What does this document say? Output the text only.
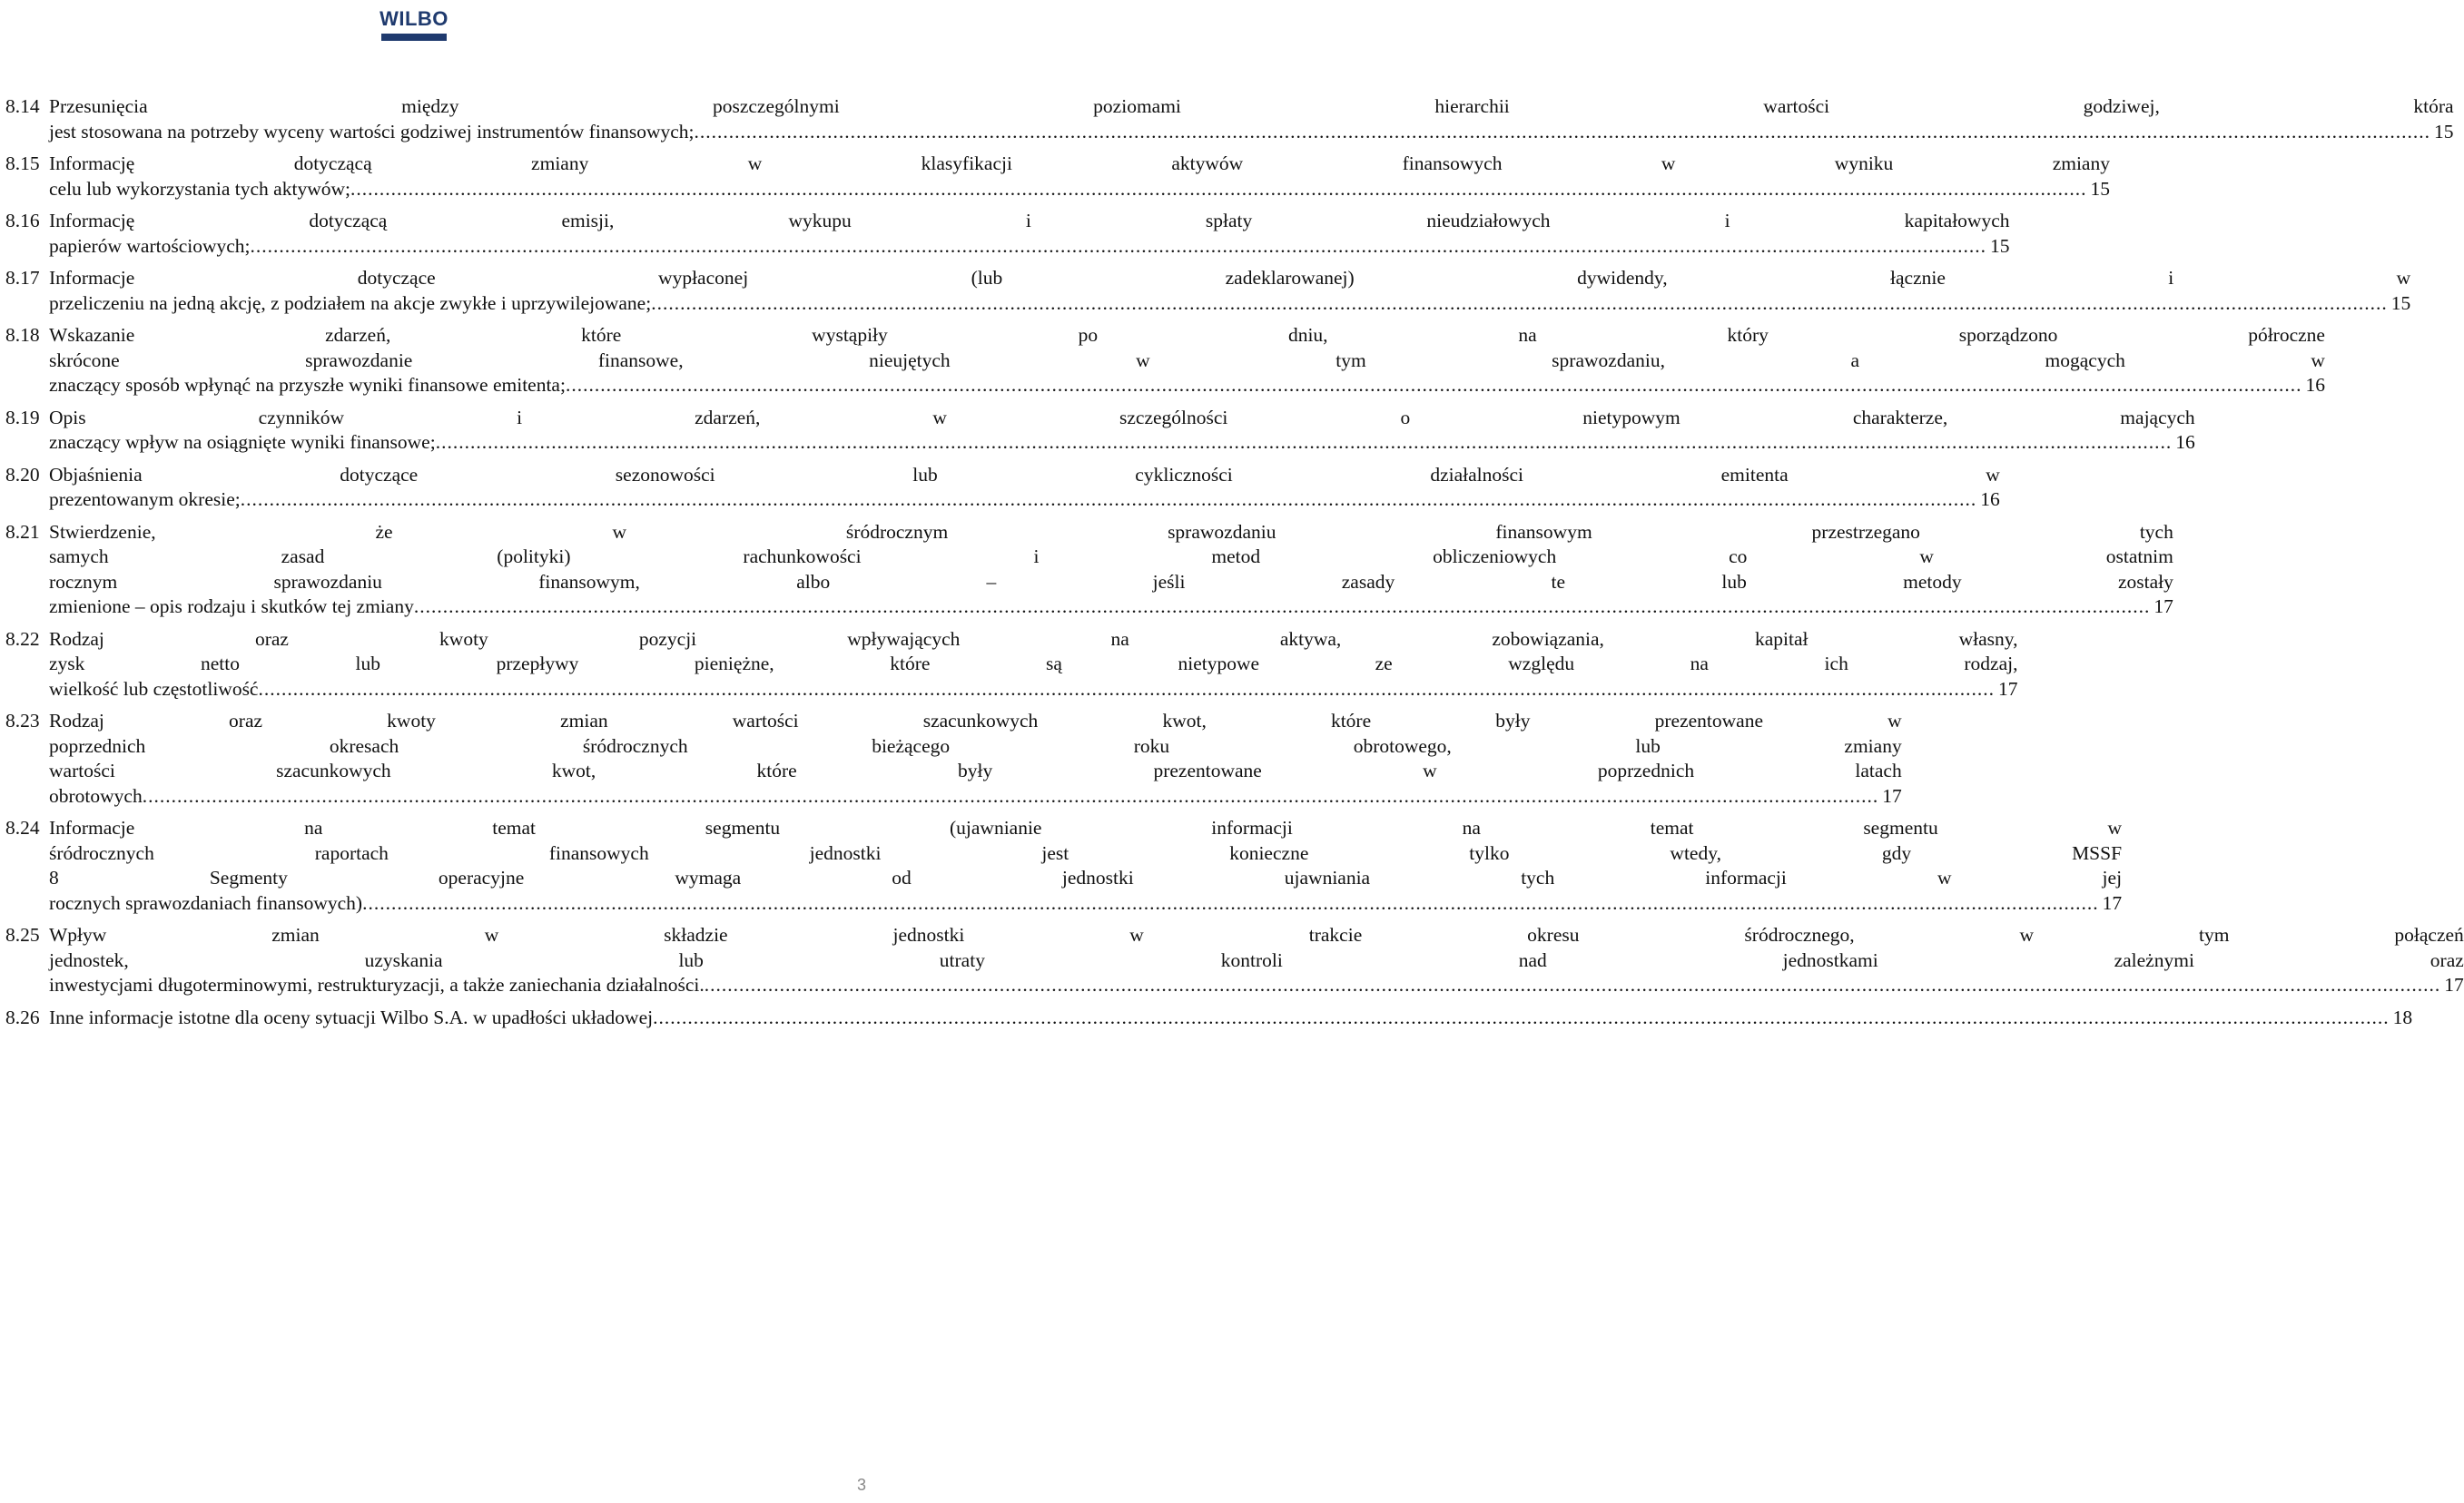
WILBO
8.14 Przesunięcia między poszczególnymi poziomami hierarchii wartości godziwej, która
jest stosowana na potrzeby wyceny wartości godziwej instrumentów finansowych; ............................................................................................................................................................................................................................................................................................................ 15
8.15 Informację dotyczącą zmiany w klasyfikacji aktywów finansowych w wyniku zmiany
celu lub wykorzystania tych aktywów; ............................................................................................................................................................................................................................................................................................................ 15
8.16 Informację dotyczącą emisji, wykupu i spłaty nieudziałowych i kapitałowych
papierów wartościowych; ............................................................................................................................................................................................................................................................................................................ 15
8.17 Informacje dotyczące wypłaconej (lub zadeklarowanej) dywidendy, łącznie i w
przeliczeniu na jedną akcję, z podziałem na akcje zwykłe i uprzywilejowane; ............................................................................................................................................................................................................................................................................................................ 15
8.18 Wskazanie zdarzeń, które wystąpiły po dniu, na który sporządzono półroczne
skrócone sprawozdanie finansowe, nieujętych w tym sprawozdaniu, a mogących w
znaczący sposób wpłynąć na przyszłe wyniki finansowe emitenta; ............................................................................................................................................................................................................................................................................................................ 16
8.19 Opis czynników i zdarzeń, w szczególności o nietypowym charakterze, mających
znaczący wpływ na osiągnięte wyniki finansowe; ............................................................................................................................................................................................................................................................................................................ 16
8.20 Objaśnienia dotyczące sezonowości lub cykliczności działalności emitenta w
prezentowanym okresie; ............................................................................................................................................................................................................................................................................................................ 16
8.21 Stwierdzenie, że w śródrocznym sprawozdaniu finansowym przestrzegano tych
samych zasad (polityki) rachunkowości i metod obliczeniowych co w ostatnim
rocznym sprawozdaniu finansowym, albo – jeśli zasady te lub metody zostały
zmienione – opis rodzaju i skutków tej zmiany ............................................................................................................................................................................................................................................................................................................ 17
8.22 Rodzaj oraz kwoty pozycji wpływających na aktywa, zobowiązania, kapitał własny,
zysk netto lub przepływy pieniężne, które są nietypowe ze względu na ich rodzaj,
wielkość lub częstotliwość ............................................................................................................................................................................................................................................................................................................ 17
8.23 Rodzaj oraz kwoty zmian wartości szacunkowych kwot, które były prezentowane w
poprzednich okresach śródrocznych bieżącego roku obrotowego, lub zmiany
wartości szacunkowych kwot, które były prezentowane w poprzednich latach
obrotowych ............................................................................................................................................................................................................................................................................................................ 17
8.24 Informacje na temat segmentu (ujawnianie informacji na temat segmentu w
śródrocznych raportach finansowych jednostki jest konieczne tylko wtedy, gdy MSSF
8 Segmenty operacyjne wymaga od jednostki ujawniania tych informacji w jej
rocznych sprawozdaniach finansowych) ............................................................................................................................................................................................................................................................................................................ 17
8.25 Wpływ zmian w składzie jednostki w trakcie okresu śródrocznego, w tym połączeń
jednostek, uzyskania lub utraty kontroli nad jednostkami zależnymi oraz
inwestycjami długoterminowymi, restrukturyzacji, a także zaniechania działalności. ............................................................................................................................................................................................................................................................................................................ 17
8.26 Inne informacje istotne dla oceny sytuacji Wilbo S.A. w upadłości układowej ............................................................................................................................................................................................................................................................................................................ 18
3
